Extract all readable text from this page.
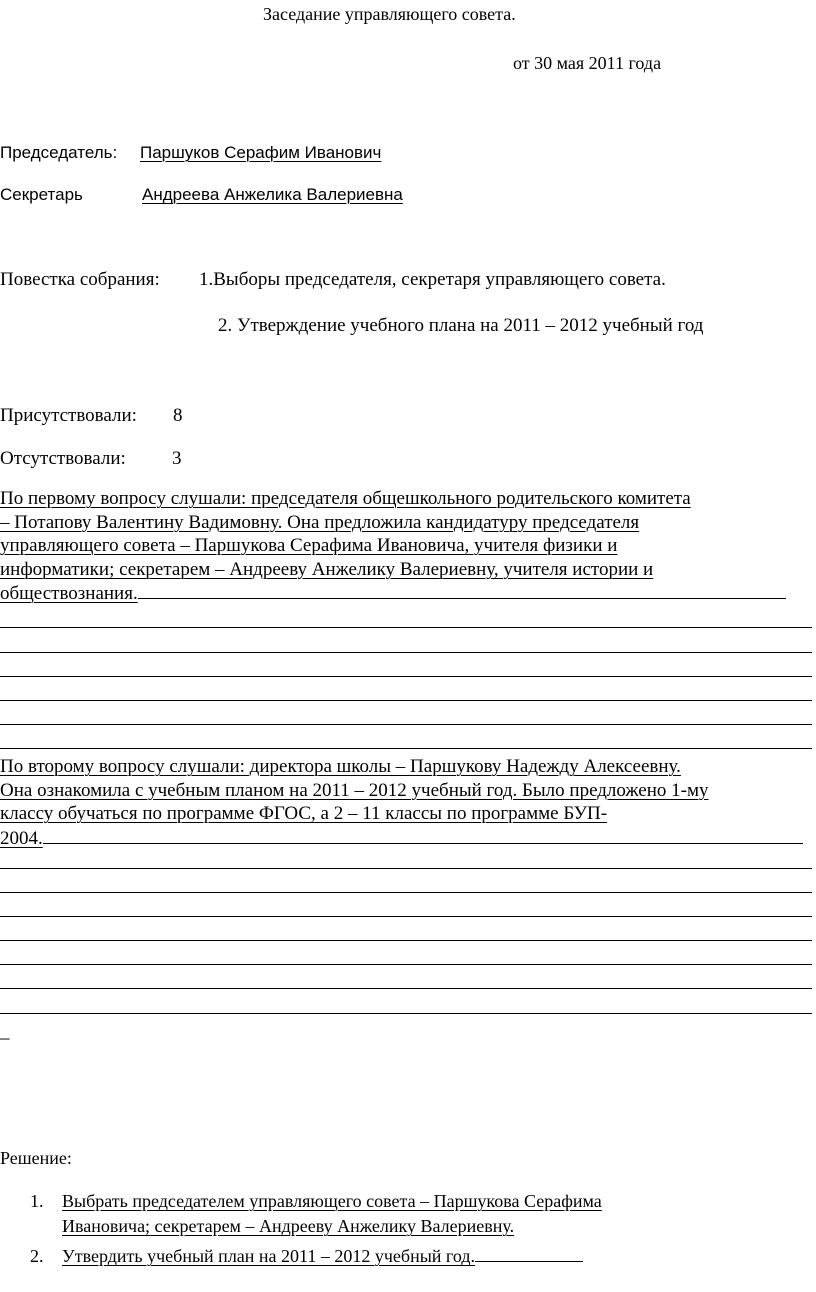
Заседание управляющего совета.
от 30 мая 2011 года
Председатель: Паршуков Серафим Иванович
Секретарь	Андреева Анжелика Валериевна
Повестка собрания: 1.Выборы председателя, секретаря управляющего совета.
2. Утверждение учебного плана на 2011 – 2012 учебный год
Присутствовали: 8
Отсутствовали: 3
По первому вопросу слушали: председателя общешкольного родительского комитета
– Потапову Валентину Вадимовну. Она предложила кандидатуру председателя
управляющего совета – Паршукова Серафима Ивановича, учителя физики и
информатики; секретарем – Андрееву Анжелику Валериевну, учителя истории и
обществознания.
По второму вопросу слушали: директора школы – Паршукову Надежду Алексеевну.
Она ознакомила с учебным планом на 2011 – 2012 учебный год. Было предложено 1-му
классу обучаться по программе ФГОС, а 2 – 11 классы по программе БУП-
2004.
_
Решение:
1. Выбрать председателем управляющего совета – Паршукова Серафима
Ивановича; секретарем – Андрееву Анжелику Валериевну.
2. Утвердить учебный план на 2011 – 2012 учебный год.
